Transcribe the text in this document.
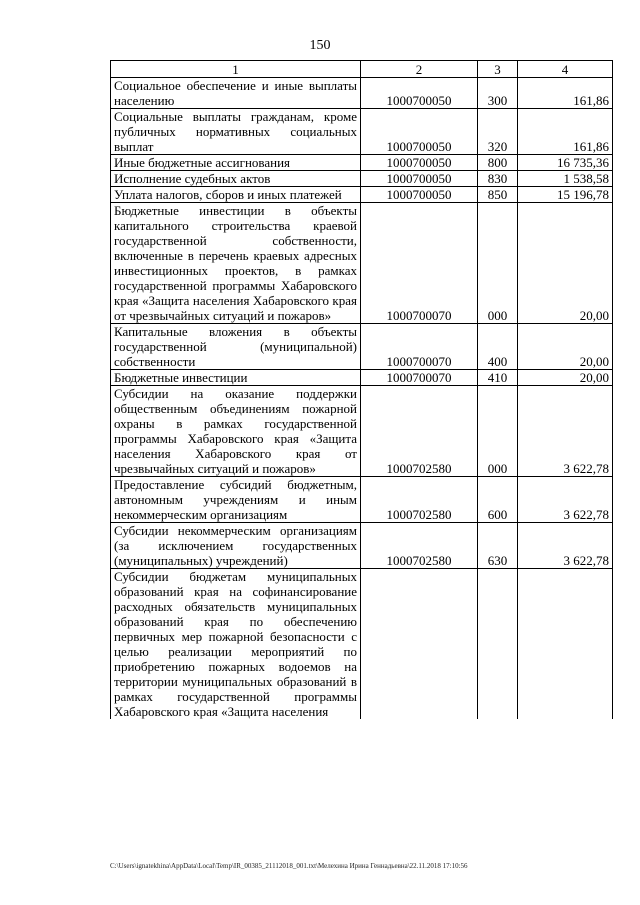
150
1	2	3	4
Социальное обеспечение и иные выплаты населению	1000700050	300	161,86
Социальные выплаты гражданам, кроме публичных нормативных социальных выплат	1000700050	320	161,86
Иные бюджетные ассигнования	1000700050	800	16 735,36
Исполнение судебных актов	1000700050	830	1 538,58
Уплата налогов, сборов и иных платежей	1000700050	850	15 196,78
Бюджетные инвестиции в объекты капитального строительства краевой государственной собственности, включенные в перечень краевых адресных инвестиционных проектов, в рамках государственной программы Хабаровского края «Защита населения Хабаровского края от чрезвычайных ситуаций и пожаров»	1000700070	000	20,00
Капитальные вложения в объекты государственной (муниципальной) собственности	1000700070	400	20,00
Бюджетные инвестиции	1000700070	410	20,00
Субсидии на оказание поддержки общественным объединениям пожарной охраны в рамках государственной программы Хабаровского края «Защита населения Хабаровского края от чрезвычайных ситуаций и пожаров»	1000702580	000	3 622,78
Предоставление субсидий бюджетным, автономным учреждениям и иным некоммерческим организациям	1000702580	600	3 622,78
Субсидии некоммерческим организациям (за исключением государственных (муниципальных) учреждений)	1000702580	630	3 622,78
Субсидии бюджетам муниципальных образований края на софинансирование расходных обязательств муниципальных образований края по обеспечению первичных мер пожарной безопасности с целью реализации мероприятий по приобретению пожарных водоемов на территории муниципальных образований в рамках государственной программы Хабаровского края «Защита населения			
C:\Users\ignatekhina\AppData\Local\Temp\IR_00385_21112018_001.txt\Мелехина Ирина Геннадьевна\22.11.2018 17:10:56
